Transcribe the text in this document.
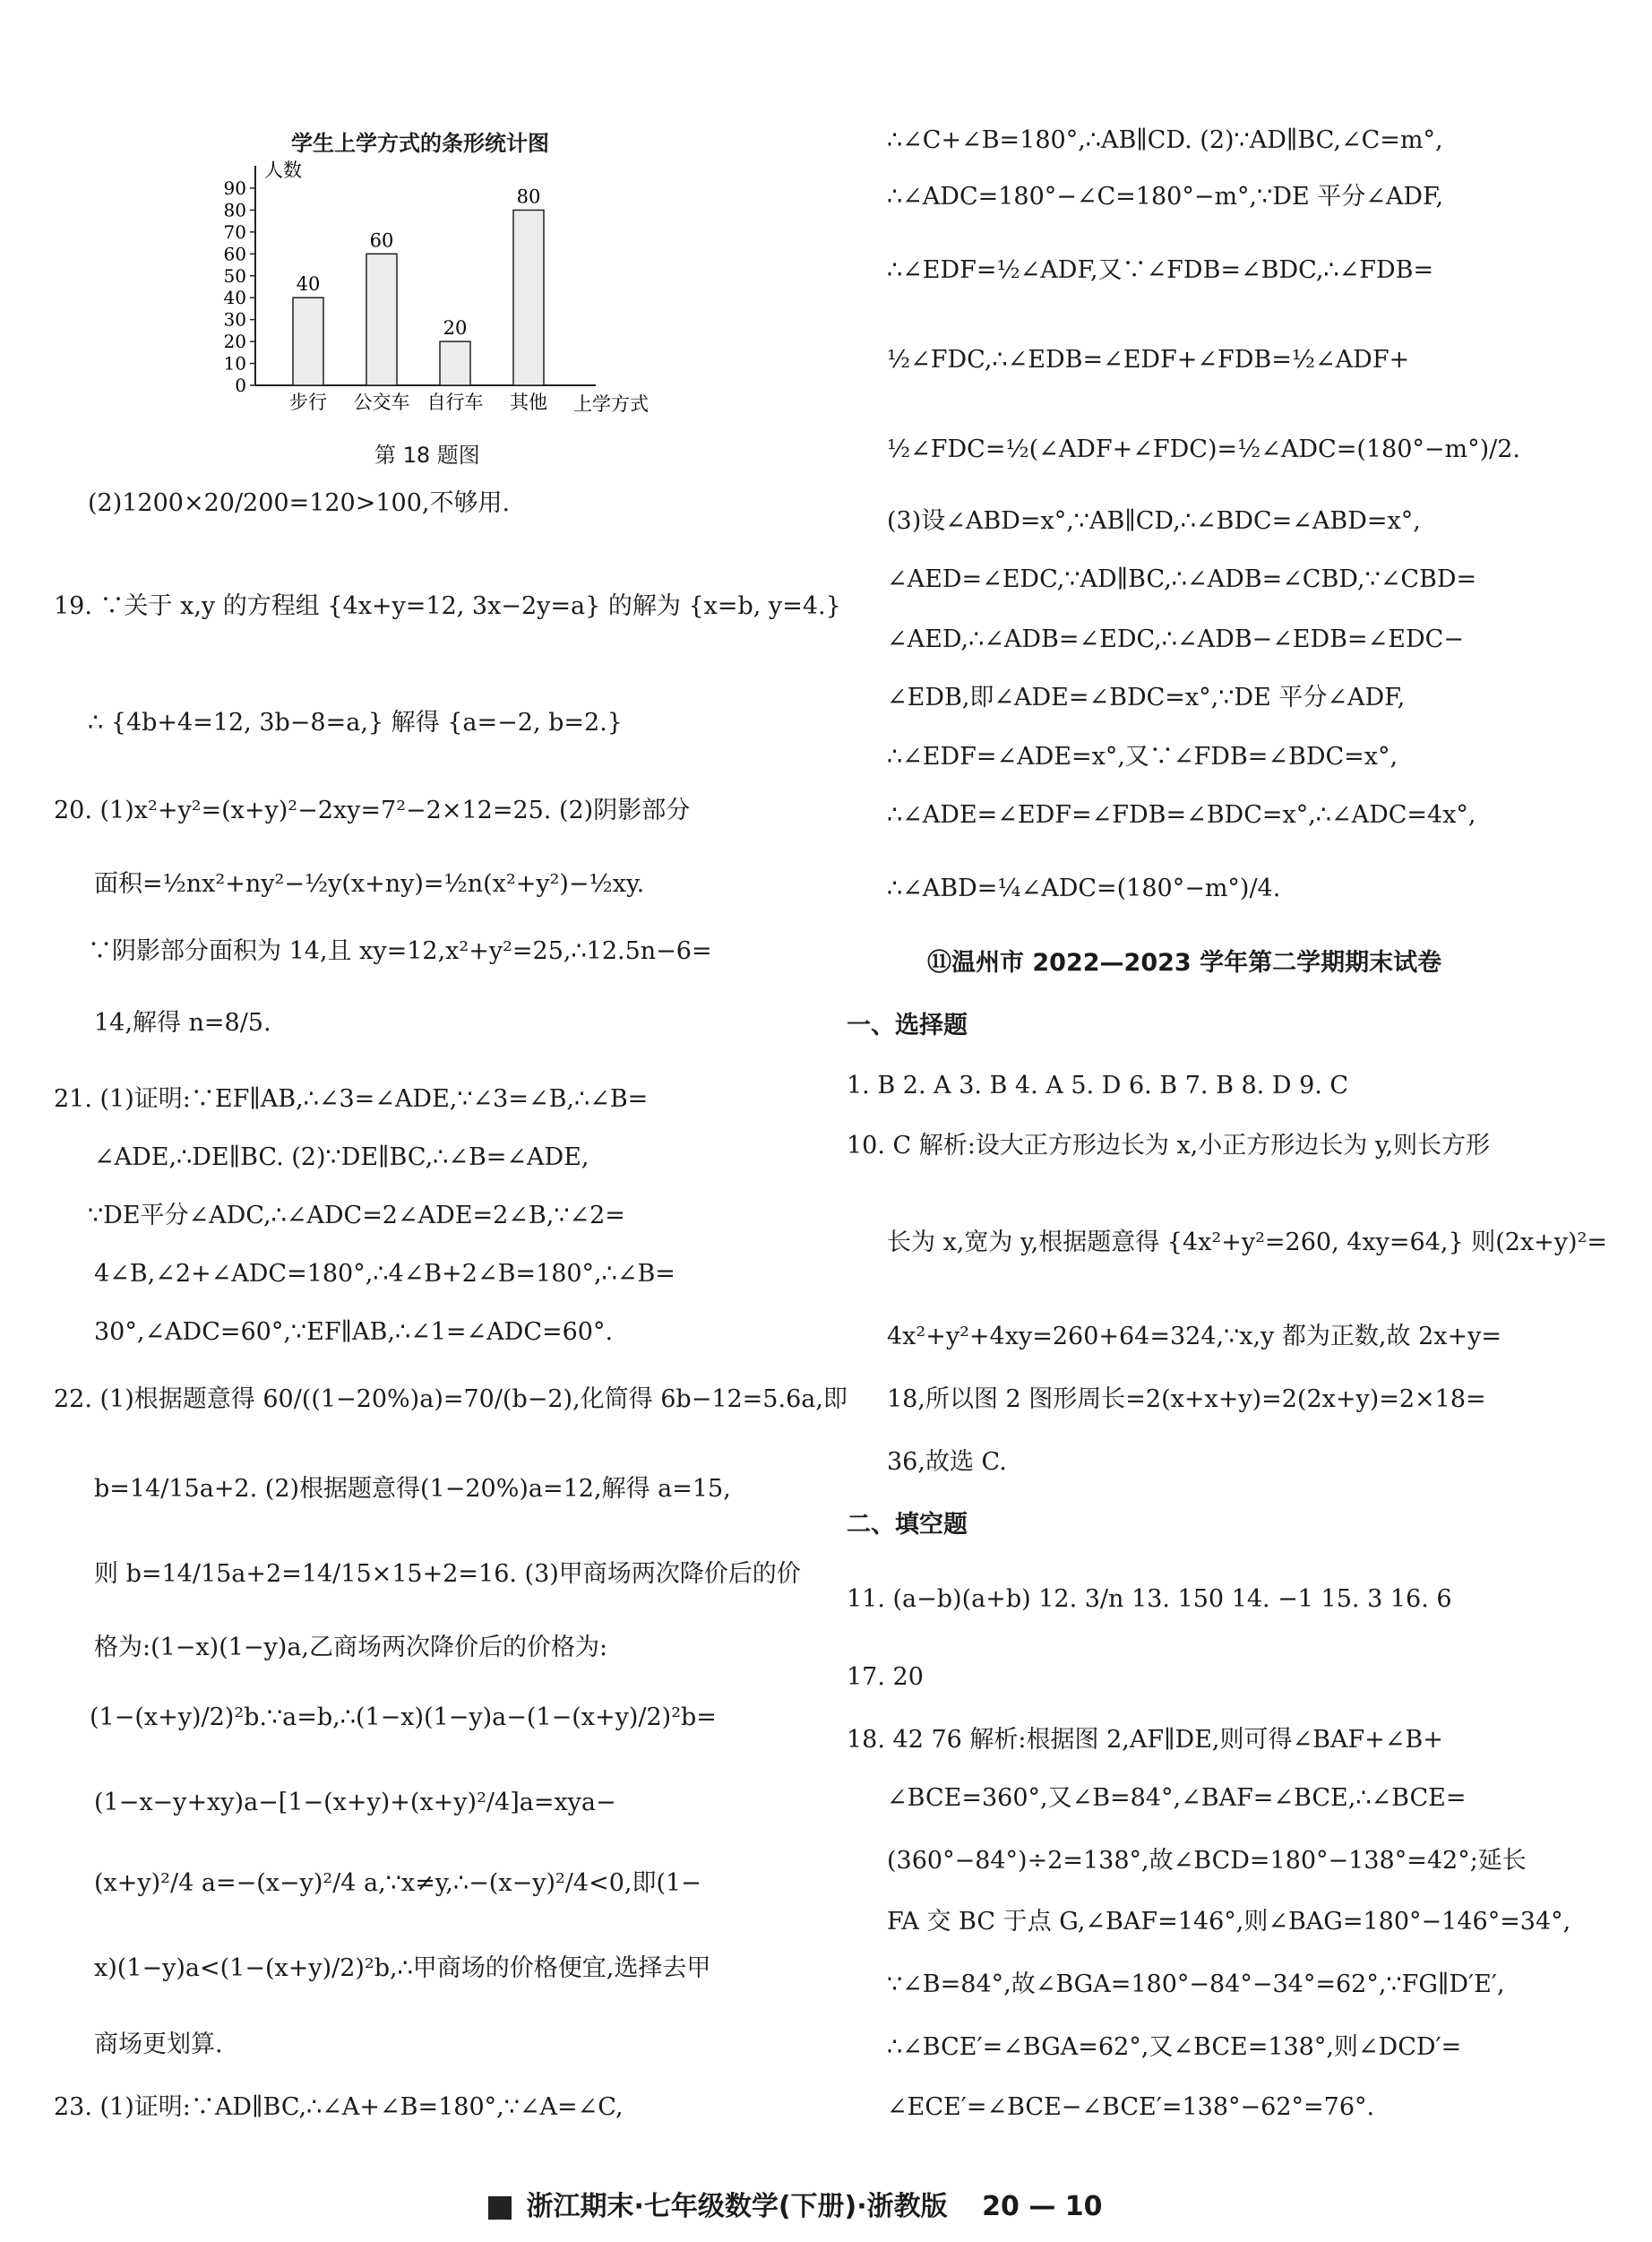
学生上学方式的条形统计图
0
10
20
30
40
50
60
70
80
90
人数
上学方式
40
步行
60
公交车
20
自行车
80
其他
第 18 题图
(2)1200×20/200=120>100,不够用.
19. ∵关于 x,y 的方程组 {4x+y=12, 3x−2y=a} 的解为 {x=b, y=4.}
∴ {4b+4=12, 3b−8=a,} 解得 {a=−2, b=2.}
20. (1)x²+y²=(x+y)²−2xy=7²−2×12=25. (2)阴影部分
面积=½nx²+ny²−½y(x+ny)=½n(x²+y²)−½xy.
∵阴影部分面积为 14,且 xy=12,x²+y²=25,∴12.5n−6=
14,解得 n=8/5.
21. (1)证明:∵EF∥AB,∴∠3=∠ADE,∵∠3=∠B,∴∠B=
∠ADE,∴DE∥BC. (2)∵DE∥BC,∴∠B=∠ADE,
∵DE平分∠ADC,∴∠ADC=2∠ADE=2∠B,∵∠2=
4∠B,∠2+∠ADC=180°,∴4∠B+2∠B=180°,∴∠B=
30°,∠ADC=60°,∵EF∥AB,∴∠1=∠ADC=60°.
22. (1)根据题意得 60/((1−20%)a)=70/(b−2),化简得 6b−12=5.6a,即
b=14/15a+2. (2)根据题意得(1−20%)a=12,解得 a=15,
则 b=14/15a+2=14/15×15+2=16. (3)甲商场两次降价后的价
格为:(1−x)(1−y)a,乙商场两次降价后的价格为:
(1−(x+y)/2)²b.∵a=b,∴(1−x)(1−y)a−(1−(x+y)/2)²b=
(1−x−y+xy)a−[1−(x+y)+(x+y)²/4]a=xya−
(x+y)²/4 a=−(x−y)²/4 a,∵x≠y,∴−(x−y)²/4<0,即(1−
x)(1−y)a<(1−(x+y)/2)²b,∴甲商场的价格便宜,选择去甲
商场更划算.
23. (1)证明:∵AD∥BC,∴∠A+∠B=180°,∵∠A=∠C,
∴∠C+∠B=180°,∴AB∥CD. (2)∵AD∥BC,∠C=m°,
∴∠ADC=180°−∠C=180°−m°,∵DE 平分∠ADF,
∴∠EDF=½∠ADF,又∵∠FDB=∠BDC,∴∠FDB=
½∠FDC,∴∠EDB=∠EDF+∠FDB=½∠ADF+
½∠FDC=½(∠ADF+∠FDC)=½∠ADC=(180°−m°)/2.
(3)设∠ABD=x°,∵AB∥CD,∴∠BDC=∠ABD=x°,
∠AED=∠EDC,∵AD∥BC,∴∠ADB=∠CBD,∵∠CBD=
∠AED,∴∠ADB=∠EDC,∴∠ADB−∠EDB=∠EDC−
∠EDB,即∠ADE=∠BDC=x°,∵DE 平分∠ADF,
∴∠EDF=∠ADE=x°,又∵∠FDB=∠BDC=x°,
∴∠ADE=∠EDF=∠FDB=∠BDC=x°,∴∠ADC=4x°,
∴∠ABD=¼∠ADC=(180°−m°)/4.
⑪温州市 2022—2023 学年第二学期期末试卷
一、选择题
1. B 2. A 3. B 4. A 5. D 6. B 7. B 8. D 9. C
10. C 解析:设大正方形边长为 x,小正方形边长为 y,则长方形
长为 x,宽为 y,根据题意得 {4x²+y²=260, 4xy=64,} 则(2x+y)²=
4x²+y²+4xy=260+64=324,∵x,y 都为正数,故 2x+y=
18,所以图 2 图形周长=2(x+x+y)=2(2x+y)=2×18=
36,故选 C.
二、填空题
11. (a−b)(a+b) 12. 3/n 13. 150 14. −1 15. 3 16. 6
17. 20
18. 42 76 解析:根据图 2,AF∥DE,则可得∠BAF+∠B+
∠BCE=360°,又∠B=84°,∠BAF=∠BCE,∴∠BCE=
(360°−84°)÷2=138°,故∠BCD=180°−138°=42°;延长
FA 交 BC 于点 G,∠BAF=146°,则∠BAG=180°−146°=34°,
∵∠B=84°,故∠BGA=180°−84°−34°=62°,∵FG∥D′E′,
∴∠BCE′=∠BGA=62°,又∠BCE=138°,则∠DCD′=
∠ECE′=∠BCE−∠BCE′=138°−62°=76°.
浙江期末·七年级数学(下册)·浙教版 20 — 10
